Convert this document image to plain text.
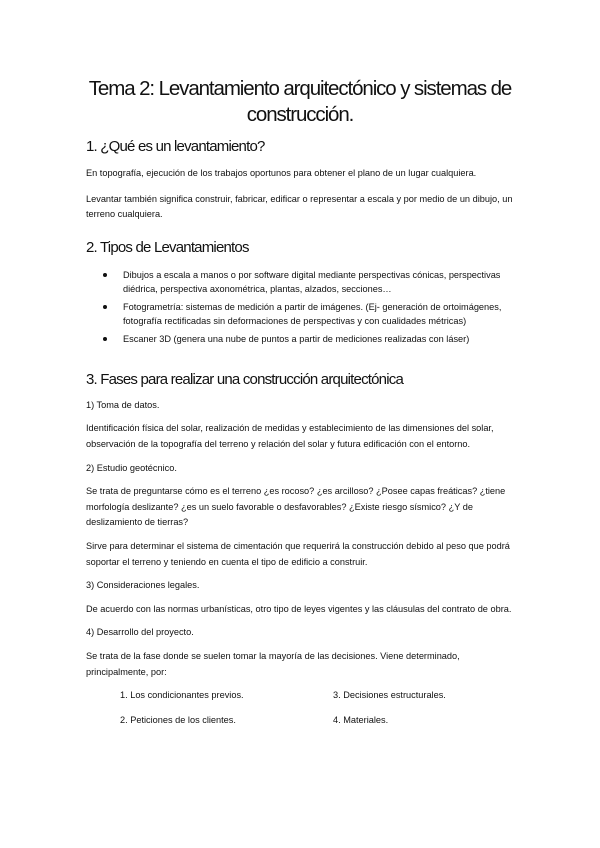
Tema 2: Levantamiento arquitectónico y sistemas de construcción.
1. ¿Qué es un levantamiento?

En topografía, ejecución de los trabajos oportunos para obtener el plano de un lugar cualquiera.

Levantar también significa construir, fabricar, edificar o representar a escala y por medio de un dibujo, un terreno cualquiera.

2. Tipos de Levantamientos
Dibujos a escala a manos o por software digital mediante perspectivas cónicas, perspectivas diédrica, perspectiva axonométrica, plantas, alzados, secciones…
Fotogrametría: sistemas de medición a partir de imágenes. (Ej- generación de ortoimágenes, fotografía rectificadas sin deformaciones de perspectivas y con cualidades métricas)
Escaner 3D (genera una nube de puntos a partir de mediciones realizadas con láser)
3. Fases para realizar una construcción arquitectónica

1) Toma de datos.

Identificación física del solar, realización de medidas y establecimiento de las dimensiones del solar, observación de la topografía del terreno y relación del solar y futura edificación con el entorno.

2) Estudio geotécnico.

Se trata de preguntarse cómo es el terreno ¿es rocoso? ¿es arcilloso? ¿Posee capas freáticas? ¿tiene morfología deslizante? ¿es un suelo favorable o desfavorables? ¿Existe riesgo sísmico? ¿Y de deslizamiento de tierras?

Sirve para determinar el sistema de cimentación que requerirá la construcción debido al peso que podrá soportar el terreno y teniendo en cuenta el tipo de edificio a construir.

3) Consideraciones legales.

De acuerdo con las normas urbanísticas, otro tipo de leyes vigentes y las cláusulas del contrato de obra.

4) Desarrollo del proyecto.

Se trata de la fase donde se suelen tomar la mayoría de las decisiones. Viene determinado, principalmente, por:

1. Los condicionantes previos.	3. Decisiones estructurales.

2. Peticiones de los clientes.	4. Materiales.
